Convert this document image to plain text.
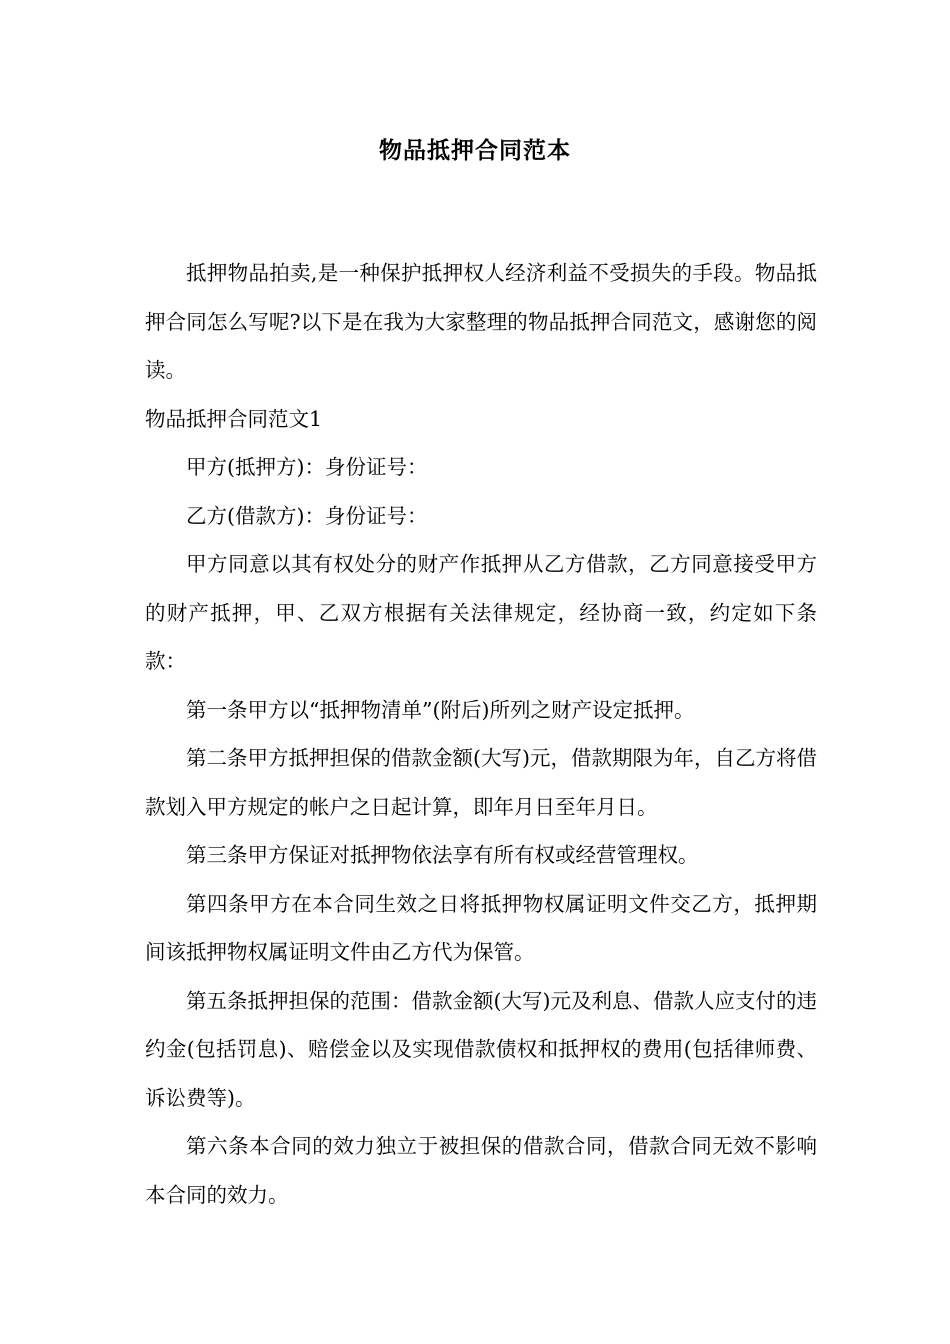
物品抵押合同范本

抵押物品拍卖,是一种保护抵押权人经济利益不受损失的手段。物品抵押合同怎么写呢?以下是在我为大家整理的物品抵押合同范文，感谢您的阅读。

物品抵押合同范文1

甲方(抵押方)：身份证号：

乙方(借款方)：身份证号：

甲方同意以其有权处分的财产作抵押从乙方借款，乙方同意接受甲方的财产抵押，甲、乙双方根据有关法律规定，经协商一致，约定如下条款：

第一条甲方以“抵押物清单”(附后)所列之财产设定抵押。

第二条甲方抵押担保的借款金额(大写)元，借款期限为年，自乙方将借款划入甲方规定的帐户之日起计算，即年月日至年月日。

第三条甲方保证对抵押物依法享有所有权或经营管理权。

第四条甲方在本合同生效之日将抵押物权属证明文件交乙方，抵押期间该抵押物权属证明文件由乙方代为保管。

第五条抵押担保的范围：借款金额(大写)元及利息、借款人应支付的违约金(包括罚息)、赔偿金以及实现借款债权和抵押权的费用(包括律师费、诉讼费等)。

第六条本合同的效力独立于被担保的借款合同，借款合同无效不影响本合同的效力。
